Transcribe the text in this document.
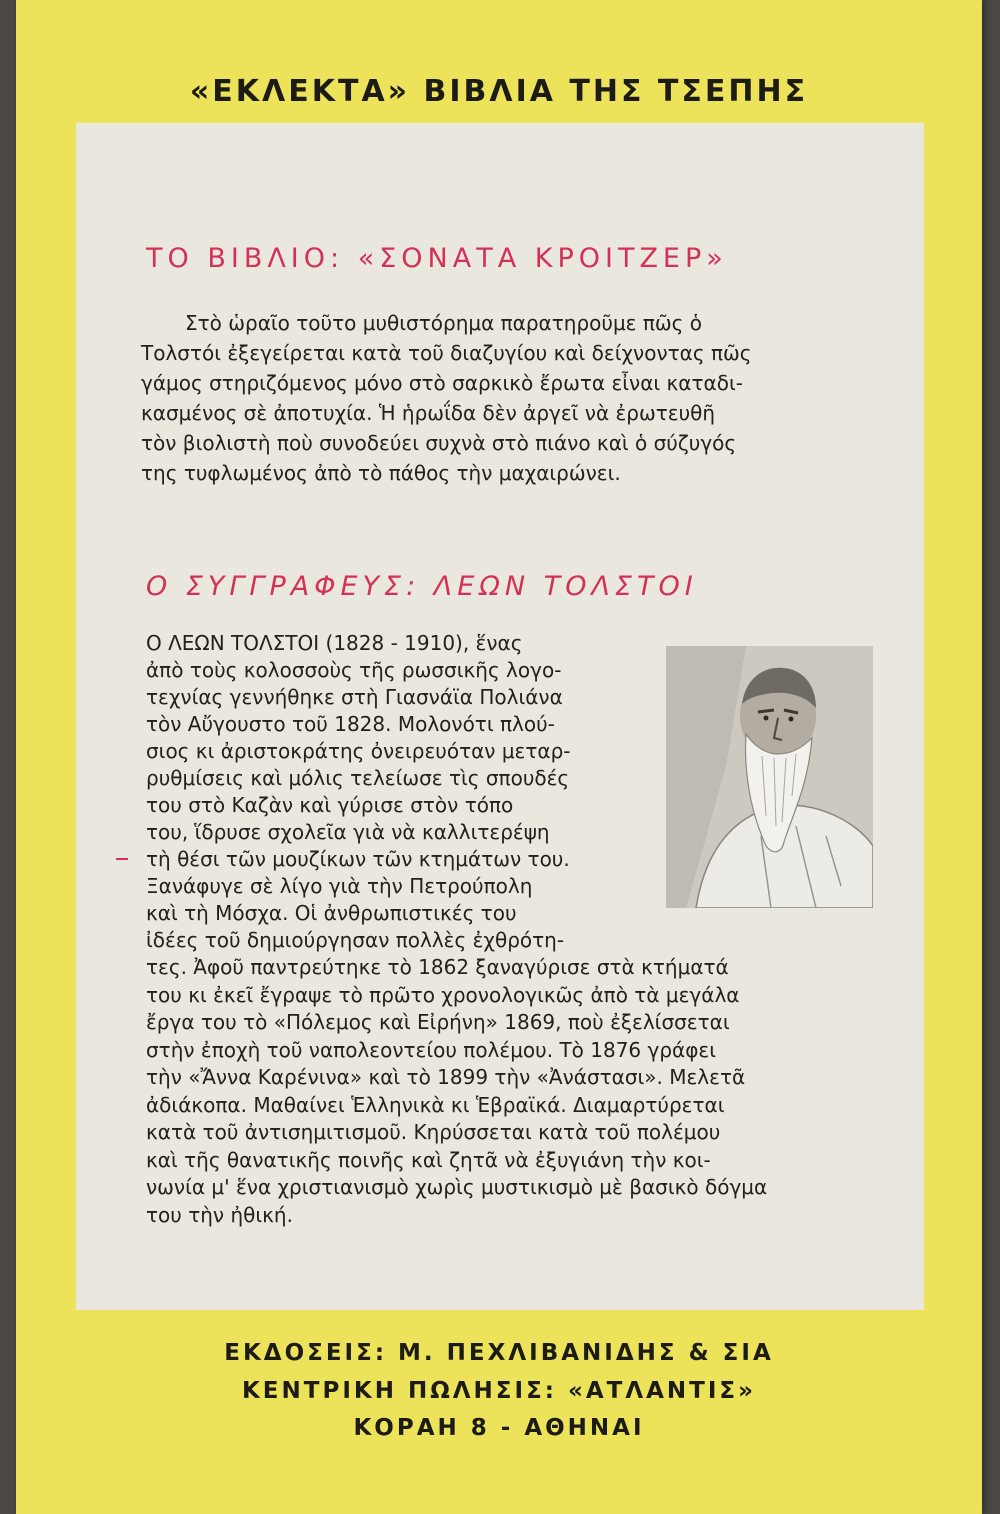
«ΕΚΛΕΚΤΑ» ΒΙΒΛΙΑ ΤΗΣ ΤΣΕΠΗΣ
ΤΟ ΒΙΒΛΙΟ: «ΣΟΝΑΤΑ ΚΡΟΙΤΖΕΡ»
Στὸ ὡραῖο τοῦτο μυθιστόρημα παρατηροῦμε πῶς ὁ
Τολστόι ἐξεγείρεται κατὰ τοῦ διαζυγίου καὶ δείχνοντας πῶς
γάμος στηριζόμενος μόνο στὸ σαρκικὸ ἔρωτα εἶναι καταδι-
κασμένος σὲ ἀποτυχία. Ἡ ἡρωΐδα δὲν ἀργεῖ νὰ ἐρωτευθῆ
τὸν βιολιστὴ ποὺ συνοδεύει συχνὰ στὸ πιάνο καὶ ὁ σύζυγός
της τυφλωμένος ἀπὸ τὸ πάθος τὴν μαχαιρώνει.
Ο ΣΥΓΓΡΑΦΕΥΣ: ΛΕΩΝ ΤΟΛΣΤΟΙ
Ο ΛΕΩΝ ΤΟΛΣΤΟΙ (1828 - 1910), ἕνας
ἀπὸ τοὺς κολοσσοὺς τῆς ρωσσικῆς λογο-
τεχνίας γεννήθηκε στὴ Γιασνάϊα Πολιάνα
τὸν Αὔγουστο τοῦ 1828. Μολονότι πλού-
σιος κι ἀριστοκράτης ὀνειρευόταν μεταρ-
ρυθμίσεις καὶ μόλις τελείωσε τὶς σπουδές
του στὸ Καζὰν καὶ γύρισε στὸν τόπο
του, ἵδρυσε σχολεῖα γιὰ νὰ καλλιτερέψη
τὴ θέσι τῶν μουζίκων τῶν κτημάτων του.
Ξανάφυγε σὲ λίγο γιὰ τὴν Πετρούπολη
καὶ τὴ Μόσχα. Οἱ ἀνθρωπιστικές του
ἰδέες τοῦ δημιούργησαν πολλὲς ἐχθρότη-
τες. Ἀφοῦ παντρεύτηκε τὸ 1862 ξαναγύρισε στὰ κτήματά
του κι ἐκεῖ ἔγραψε τὸ πρῶτο χρονολογικῶς ἀπὸ τὰ μεγάλα
ἔργα του τὸ «Πόλεμος καὶ Εἰρήνη» 1869, ποὺ ἐξελίσσεται
στὴν ἐποχὴ τοῦ ναπολεοντείου πολέμου. Τὸ 1876 γράφει
τὴν «Ἄννα Καρένινα» καὶ τὸ 1899 τὴν «Ἀνάστασι». Μελετᾶ
ἀδιάκοπα. Μαθαίνει Ἑλληνικὰ κι Ἑβραϊκά. Διαμαρτύρεται
κατὰ τοῦ ἀντισημιτισμοῦ. Κηρύσσεται κατὰ τοῦ πολέμου
καὶ τῆς θανατικῆς ποινῆς καὶ ζητᾶ νὰ ἐξυγιάνη τὴν κοι-
νωνία μ' ἕνα χριστιανισμὸ χωρὶς μυστικισμὸ μὲ βασικὸ δόγμα
του τὴν ἠθική.
ΕΚΔΟΣΕΙΣ: Μ. ΠΕΧΛΙΒΑΝΙΔΗΣ & ΣΙΑ
ΚΕΝΤΡΙΚΗ ΠΩΛΗΣΙΣ: «ΑΤΛΑΝΤΙΣ»
ΚΟΡΑΗ 8 - ΑΘΗΝΑΙ
